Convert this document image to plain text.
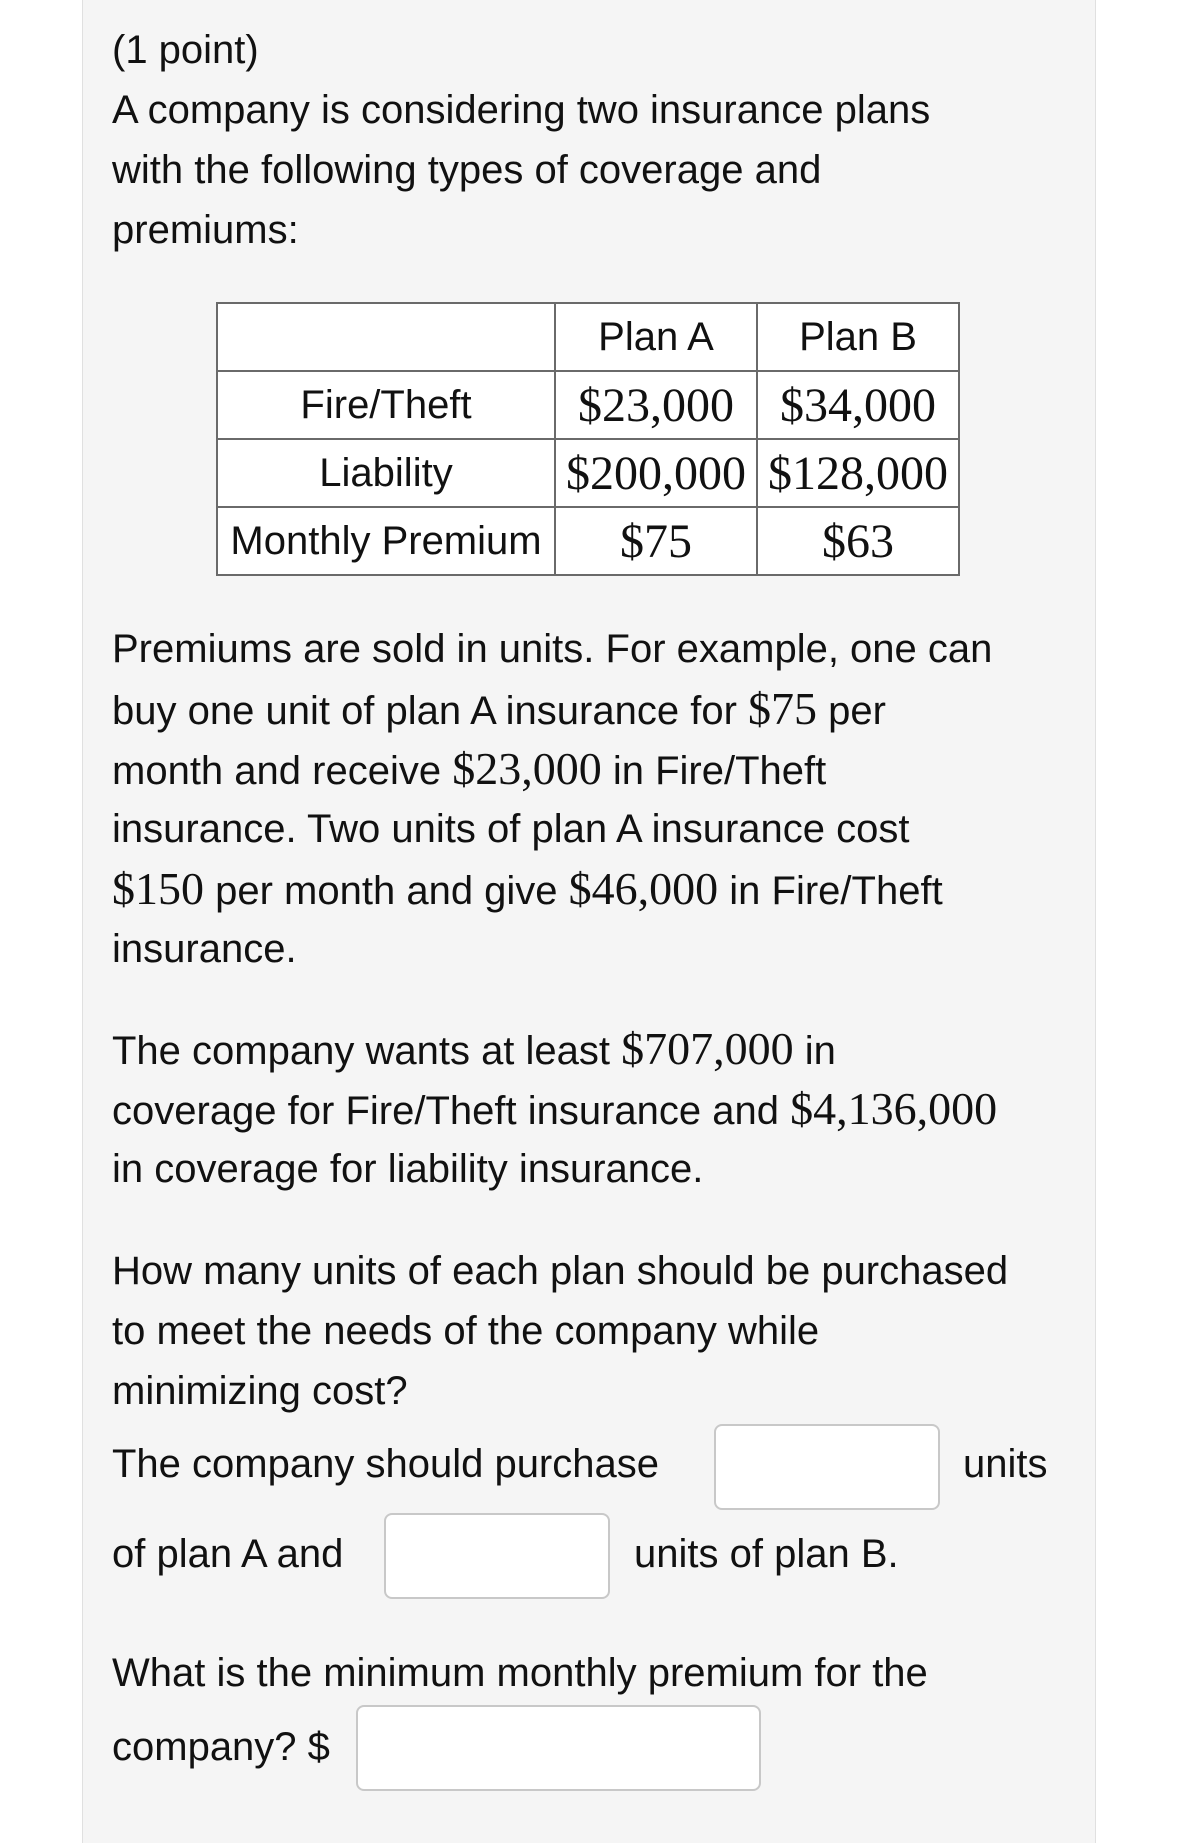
(1 point)
A company is considering two insurance plans
with the following types of coverage and
premiums:
	Plan A	Plan B
Fire/Theft	$23,000	$34,000
Liability	$200,000	$128,000
Monthly Premium	$75	$63
Premiums are sold in units. For example, one can
buy one unit of plan A insurance for $75 per
month and receive $23,000 in Fire/Theft
insurance. Two units of plan A insurance cost
$150 per month and give $46,000 in Fire/Theft
insurance.
The company wants at least $707,000 in
coverage for Fire/Theft insurance and $4,136,000
in coverage for liability insurance.
How many units of each plan should be purchased
to meet the needs of the company while
minimizing cost?
The company should purchase	units
of plan A and	units of plan B.
What is the minimum monthly premium for the
company? $
